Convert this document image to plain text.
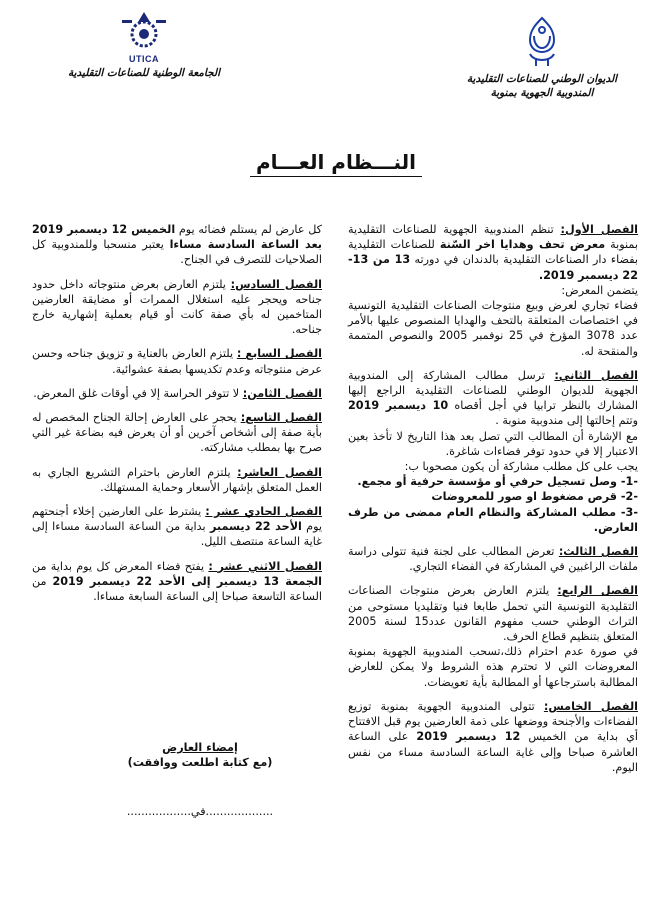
الديوان الوطني للصناعات التقليدية
المندوبية الجهوية بمنوبة
UTICA
الجامعة الوطنية للصناعات التقليدية
النـــظام العـــام

الفصل الأول: تنظم المندوبية الجهوية للصناعات التقليدية بمنوبة معرض تحف وهدايا اخر السّنة للصناعات التقليدية بفضاء دار الصناعات التقليدية بالدندان في دورته 13 من 13- 22 ديسمبر 2019.
يتضمن المعرض:
فضاء تجاري لعرض وبيع منتوجات الصناعات التقليدية التونسية في اختصاصات المتعلقة بالتحف والهدايا المنصوص عليها بالأمر عدد 3078 المؤرخ في 25 نوفمبر 2005 والنصوص المتممة والمنقحة له.

الفصل الثاني: ترسل مطالب المشاركة إلى المندوبية الجهوية للديوان الوطني للصناعات التقليدية الراجع إليها المشارك بالنظر ترابيا في أجل أقصاه 10 ديسمبر 2019 وتتم إحالتها إلى مندوبية منوبة .
مع الإشارة أن المطالب التي تصل بعد هذا التاريخ لا تأخذ بعين الاعتبار إلا في حدود توفر فضاءات شاغرة.
يجب على كل مطلب مشاركة أن يكون مصحوبا ب:
-1- وصل تسجيل حرفي أو مؤسسة حرفية أو مجمع.
-2- قرص مضغوط او صور للمعروضات
-3- مطلب المشاركة والنظام العام ممضى من طرف العارض.

الفصل الثالث: تعرض المطالب على لجنة فنية تتولى دراسة ملفات الراغبين في المشاركة في الفضاء التجاري.

الفصل الرابع: يلتزم العارض بعرض منتوجات الصناعات التقليدية التونسية التي تحمل طابعا فنيا وتقليديا مستوحى من التراث الوطني حسب مفهوم القانون عدد15 لسنة 2005 المتعلق بتنظيم قطاع الحرف.
في صورة عدم احترام ذلك،تسحب المندوبية الجهوية بمنوبة المعروضات التي لا تحترم هذه الشروط ولا يمكن للعارض المطالبة باسترجاعها أو المطالبة بأية تعويضات.

الفصل الخامس: تتولى المندوبية الجهوية بمنوبة توزيع الفضاءات والأجنحة ووضعها على ذمة العارضين يوم قبل الافتتاح أي بداية من الخميس 12 ديسمبر 2019 على الساعة العاشرة صباحا وإلى غاية الساعة السادسة مساء من نفس اليوم.

كل عارض لم يستلم فضائه يوم الخميس 12 ديسمبر 2019 بعد الساعة السادسة مساءا يعتبر منسحبا وللمندوبية كل الصلاحيات للتصرف في الجناح.

الفصل السادس: يلتزم العارض بعرض منتوجاته داخل حدود جناحه ويحجر عليه استغلال الممرات أو مضايقة العارضين المتاخمين له بأي صفة كانت أو قيام بعملية إشهارية خارج جناحه.

الفصل السابع : يلتزم العارض بالعناية و تزويق جناحه وحسن عرض منتوجاته وعدم تكديسها بصفة عشوائية.

الفصل الثامن: لا تتوفر الحراسة إلا في أوقات غلق المعرض.

الفصل التاسع: يحجر على العارض إحالة الجناح المخصص له بأية صفة إلى أشخاص آخرين أو أن يعرض فيه بضاعة غير التي صرح بها بمطلب مشاركته.

الفصل العاشر: يلتزم العارض باحترام التشريع الجاري به العمل المتعلق بإشهار الأسعار وحماية المستهلك.

الفصل الحادي عشر : يشترط على العارضين إخلاء أجنحتهم يوم الأحد 22 ديسمبر بداية من الساعة السادسة مساءا إلى غاية الساعة منتصف الليل.

الفصل الاثني عشر : يفتح فضاء المعرض كل يوم بداية من الجمعة 13 ديسمبر إلى الأحد 22 ديسمبر 2019 من الساعة التاسعة صباحا إلى الساعة السابعة مساءا.

إمضاء العارض
(مع كتابة اطلعت ووافقت)
...................في..................
